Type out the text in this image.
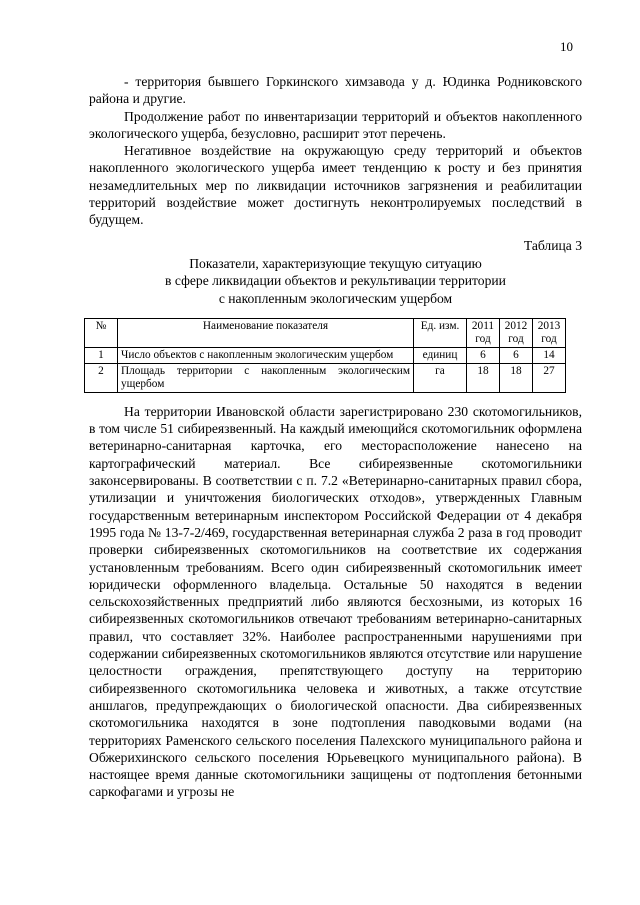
10

- территория бывшего Горкинского химзавода у д. Юдинка Родниковского района и другие.

Продолжение работ по инвентаризации территорий и объектов накопленного экологического ущерба, безусловно, расширит этот перечень.

Негативное воздействие на окружающую среду территорий и объектов накопленного экологического ущерба имеет тенденцию к росту и без принятия незамедлительных мер по ликвидации источников загрязнения и реабилитации территорий воздействие может достигнуть неконтролируемых последствий в будущем.

Таблица 3
Показатели, характеризующие текущую ситуацию
в сфере ликвидации объектов и рекультивации территории
с накопленным экологическим ущербом
№	Наименование показателя	Ед. изм.	2011 год	2012 год	2013 год
1	Число объектов с накопленным экологическим ущербом	единиц	6	6	14
2	Площадь территории с накопленным экологическим ущербом	га	18	18	27

На территории Ивановской области зарегистрировано 230 скотомогильников, в том числе 51 сибиреязвенный. На каждый имеющийся скотомогильник оформлена ветеринарно-санитарная карточка, его месторасположение нанесено на картографический материал. Все сибиреязвенные скотомогильники законсервированы. В соответствии с п. 7.2 «Ветеринарно-санитарных правил сбора, утилизации и уничтожения биологических отходов», утвержденных Главным государственным ветеринарным инспектором Российской Федерации от 4 декабря 1995 года № 13-7-2/469, государственная ветеринарная служба 2 раза в год проводит проверки сибиреязвенных скотомогильников на соответствие их содержания установленным требованиям. Всего один сибиреязвенный скотомогильник имеет юридически оформленного владельца. Остальные 50 находятся в ведении сельскохозяйственных предприятий либо являются бесхозными, из которых 16 сибиреязвенных скотомогильников отвечают требованиям ветеринарно-санитарных правил, что составляет 32%. Наиболее распространенными нарушениями при содержании сибиреязвенных скотомогильников являются отсутствие или нарушение целостности ограждения, препятствующего доступу на территорию сибиреязвенного скотомогильника человека и животных, а также отсутствие аншлагов, предупреждающих о биологической опасности. Два сибиреязвенных скотомогильника находятся в зоне подтопления паводковыми водами (на территориях Раменского сельского поселения Палехского муниципального района и Обжерихинского сельского поселения Юрьевецкого муниципального района). В настоящее время данные скотомогильники защищены от подтопления бетонными саркофагами и угрозы не
